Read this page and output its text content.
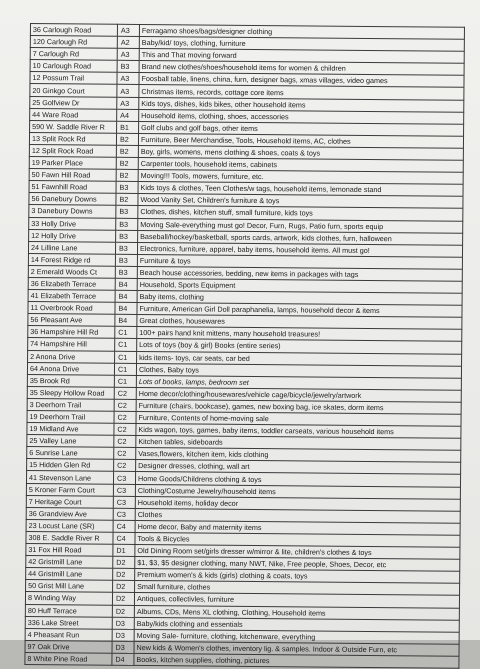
36 Carlough Road	A3	Ferragamo shoes/bags/designer clothing
120 Carlough Rd	A2	Baby/kid/ toys, clothing, furniture
7 Carlough Rd	A3	This and That moving forward
10 Carlough Road	B3	Brand new clothes/shoes/household items for women & children
12 Possum Trail	A3	Foosball table, linens, china, furn, designer bags, xmas villages, video games
20 Ginkgo Court	A3	Christmas items, records, cottage core items
25 Golfview Dr	A3	Kids toys, dishes, kids bikes, other household items
44 Ware Road	A4	Household items, clothing, shoes, accessories
590 W. Saddle River R	B1	Golf clubs and golf bags, other items
13 Split Rock Rd	B2	Furniture, Beer Merchandise, Tools, Household items, AC, clothes
12 Split Rock Road	B2	Boy, girls, womens, mens clothing & shoes, coats & toys
19 Parker Place	B2	Carpenter tools, household items, cabinets
50 Fawn Hill Road	B2	Moving!!! Tools, mowers, furniture, etc.
51 Fawnhill Road	B3	Kids toys & clothes, Teen Clothes/w tags, household items, lemonade stand
56 Danebury Downs	B2	Wood Vanity Set, Children's furniture & toys
3 Danebury Downs	B3	Clothes, dishes, kitchen stuff, small furniture, kids toys
33 Holly Drive	B3	Moving Sale-everything must go! Decor, Furn, Rugs, Patio furn, sports equip
12 Holly Drive	B3	Baseball/hockey/basketball, sports cards, artwork, kids clothes, furn, halloween
24 Lilline Lane	B3	Electronics, furniture, apparel, baby items, household items. All must go!
14 Forest Ridge rd	B3	Furniture & toys
2 Emerald Woods Ct	B3	Beach house accessories, bedding, new items in packages with tags
36 Elizabeth Terrace	B4	Household, Sports Equipment
41 Elizabeth Terrace	B4	Baby items, clothing
11 Overbrook Road	B4	Furniture, American Girl Doll paraphanelia, lamps, household decor & items
56 Pleasant Ave	B4	Great clothes, housewares
36 Hampshire Hill Rd	C1	100+ pairs hand knit mittens, many household treasures!
74 Hampshire Hill	C1	Lots of toys (boy & girl) Books (entire series)
2 Anona Drive	C1	kids items- toys, car seats, car bed
64 Anona Drive	C1	Clothes, Baby toys
35 Brook Rd	C1	Lots of books, lamps, bedroom set
35 Sleepy Hollow Road	C2	Home decor/clothing/housewares/vehicle cage/bicycle/jewelry/artwork
3 Deerhorn Trail	C2	Furniture (chairs, bookcase), games, new boxing bag, ice skates, dorm items
19 Deerhorn Trail	C2	Furniture, Contents of home-moving sale
19 Midland Ave	C2	Kids wagon, toys, games, baby items, toddler carseats, various household items
25 Valley Lane	C2	Kitchen tables, sideboards
6 Sunrise Lane	C2	Vases,flowers, kitchen item, kids clothing
15 Hidden Glen Rd	C2	Designer dresses, clothing, wall art
41 Stevenson Lane	C3	Home Goods/Childrens clothing & toys
5 Kroner Farm Court	C3	Clothing/Costume Jewelry/household items
7 Heritage Court	C3	Household items, holiday decor
36 Grandview Ave	C3	Clothes
23 Locust Lane (SR)	C4	Home decor, Baby and maternity items
308 E. Saddle River R	C4	Tools & Bicycles
31 Fox Hill Road	D1	Old Dining Room set/girls dresser w/mirror & lite, children's clothes & toys
42 Gristmill Lane	D2	$1, $3, $5 designer clothing, many NWT, Nike, Free people, Shoes, Decor, etc
44 Gristmill Lane	D2	Premium women's & kids (girls) clothing & coats, toys
50 Grist Mill Lane	D2	Small furniture, clothes
8 Winding Way	D2	Antiques, collectivles, furniture
80 Huff Terrace	D2	Albums, CDs, Mens XL clothing, Clothing, Household items
336 Lake Street	D3	Baby/kids clothing and essentials
4 Pheasant Run	D3	Moving Sale- furniture, clothing, kitchenware, everything
97 Oak Drive	D3	New kids & Women's clothes, inventory lig. & samples. Indoor & Outside Furn, etc
8 White Pine Road	D4	Books, kitchen supplies, clothing, pictures
